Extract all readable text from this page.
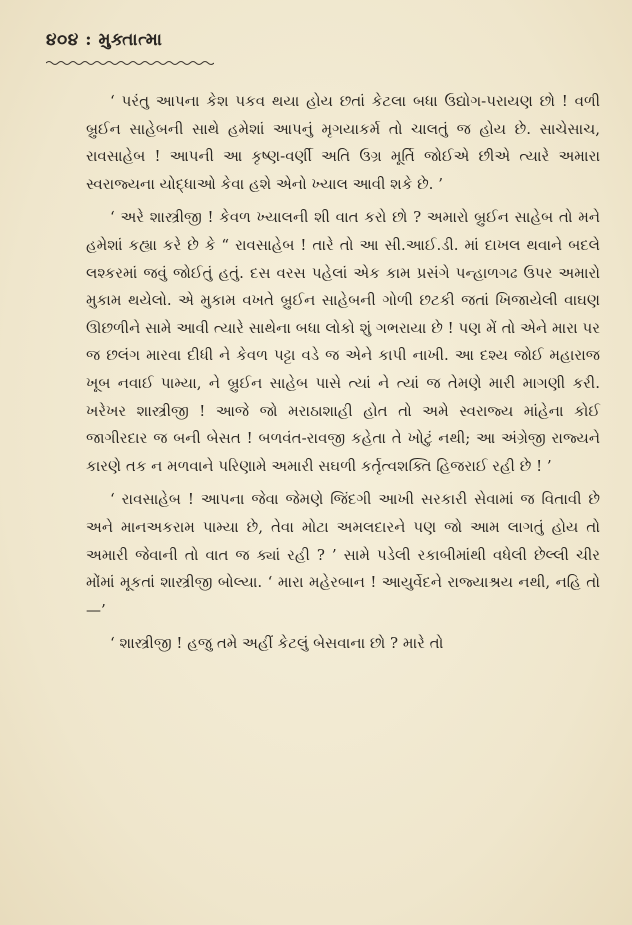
૪૦૪ : મુક્તાત્મા

‘ પરંતુ આપના કેશ પકવ થયા હોય છતાં કેટલા બધા ઉદ્યોગ-પરાયણ છો ! વળી બ્રુઈન સાહેબની સાથે હમેશાં આપનું મૃગયાકર્મ તો ચાલતું જ હોય છે. સાચેસાચ, રાવસાહેબ ! આપની આ કૃષ્ણ-વર્ણી અતિ ઉગ્ર મૂર્તિ જોઈએ છીએ ત્યારે અમારા સ્વરાજ્યના યોદ્ધાઓ કેવા હશે એનો ખ્યાલ આવી શકે છે. ’

‘ અરે શાસ્ત્રીજી ! કેવળ ખ્યાલની શી વાત કરો છો ? અમારો બ્રુઈન સાહેબ તો મને હમેશાં કહ્યા કરે છે કે “ રાવસાહેબ ! તારે તો આ સી.આઈ.ડી. માં દાખલ થવાને બદલે લશ્કરમાં જવું જોઈતું હતું. દસ વરસ પહેલાં એક કામ પ્રસંગે પન્હાળગઢ ઉપર અમારો મુકામ થયેલો. એ મુકામ વખતે બ્રુઈન સાહેબની ગોળી છટકી જતાં ખિજાયેલી વાઘણ ઊછળીને સામે આવી ત્યારે સાથેના બધા લોકો શું ગભરાયા છે ! પણ મેં તો એને મારા પર જ છલંગ મારવા દીધી ને કેવળ પટ્ટા વડે જ એને કાપી નાખી. આ દશ્ય જોઈ મહારાજ ખૂબ નવાઈ પામ્યા, ને બ્રુઈન સાહેબ પાસે ત્યાં ને ત્યાં જ તેમણે મારી માગણી કરી. ખરેખર શાસ્ત્રીજી ! આજે જો મરાઠાશાહી હોત તો અમે સ્વરાજ્ય માંહેના કોઈ જાગીરદાર જ બની બેસત ! બળવંત-રાવજી કહેતા તે ખોટું નથી; આ અંગ્રેજી રાજ્યને કારણે તક ન મળવાને પરિણામે અમારી સઘળી કર્તૃત્વશક્તિ હિજરાઈ રહી છે ! ’

‘ રાવસાહેબ ! આપના જેવા જેમણે જિંદગી આખી સરકારી સેવામાં જ વિતાવી છે અને માનઅકરામ પામ્યા છે, તેવા મોટા અમલદારને પણ જો આમ લાગતું હોય તો અમારી જેવાની તો વાત જ ક્યાં રહી ? ’ સામે પડેલી રકાબીમાંથી વધેલી છેલ્લી ચીર મોંમાં મૂકતાં શાસ્ત્રીજી બોલ્યા. ‘ મારા મહેરબાન ! આયુર્વેદને રાજ્યાશ્રય નથી, નહિ તો—’

‘ શાસ્ત્રીજી ! હજુ તમે અહીં કેટલું બેસવાના છો ? મારે તો
